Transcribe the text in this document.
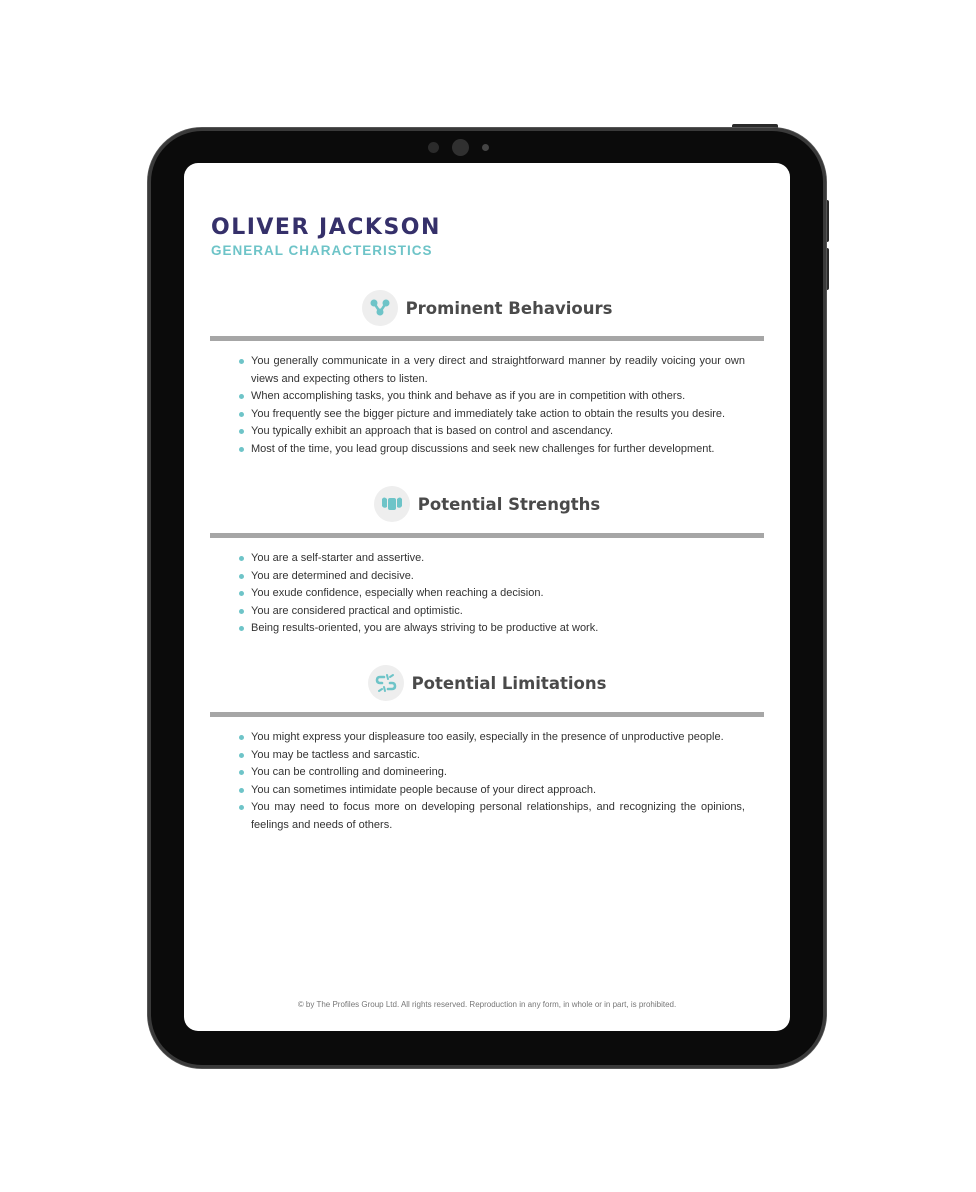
OLIVER JACKSON
GENERAL CHARACTERISTICS
Prominent Behaviours
You generally communicate in a very direct and straightforward manner by readily voicing your own views and expecting others to listen.
When accomplishing tasks, you think and behave as if you are in competition with others.
You frequently see the bigger picture and immediately take action to obtain the results you desire.
You typically exhibit an approach that is based on control and ascendancy.
Most of the time, you lead group discussions and seek new challenges for further development.
Potential Strengths
You are a self-starter and assertive.
You are determined and decisive.
You exude confidence, especially when reaching a decision.
You are considered practical and optimistic.
Being results-oriented, you are always striving to be productive at work.
Potential Limitations
You might express your displeasure too easily, especially in the presence of unproductive people.
You may be tactless and sarcastic.
You can be controlling and domineering.
You can sometimes intimidate people because of your direct approach.
You may need to focus more on developing personal relationships, and recognizing the opinions, feelings and needs of others.
© by The Profiles Group Ltd. All rights reserved. Reproduction in any form, in whole or in part, is prohibited.
